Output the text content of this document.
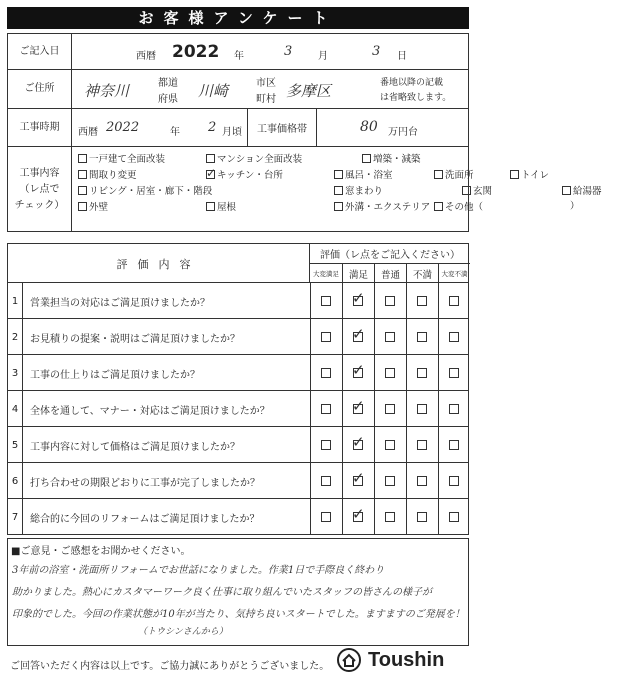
お客様アンケート
ご記入日	西暦 2022 年	3	月	3 日
ご住所	神奈川	都道
府県 川崎	市区
町村 多摩区	番地以降の記載
は省略致します。
工事時期	西暦 2022	年 2 月頃	工事価格帯	80 万円台
工事内容
（レ点で
チェック）
一戸建て全面改装	マンション全面改装	増築・減築
間取り変更
✓	キッチン・台所	風呂・浴室	洗面所	トイレ
リビング・居室・廊下・階段	窓まわり	玄関	給湯器
外壁	屋根	外溝・エクステリア その他（	）
評価内容
評価（レ点をご記入ください）
大変満足	満足	普通	不満	大変不満
1	営業担当の対応はご満足頂けましたか？
✓
2	お見積りの提案・説明はご満足頂けましたか？
✓
3	工事の仕上りはご満足頂けましたか？
✓
4	全体を通して、マナー・対応はご満足頂けましたか？
✓
5	工事内容に対して価格はご満足頂けましたか？
✓
6	打ち合わせの期限どおりに工事が完了しましたか？
✓
7	総合的に今回のリフォームはご満足頂けましたか？
✓
■ご意見・ご感想をお聞かせください。
3年前の浴室・洗面所リフォームでお世話になりました。作業1日で手際良く終わり
助かりました。熱心にカスタマーワーク良く仕事に取り組んでいたスタッフの皆さんの様子が
印象的でした。今回の作業状態が10年が当たり、気持ち良いスタートでした。ますますのご発展を！
（トウシンさんから）
ご回答いただく内容は以上です。ご協力誠にありがとうございました。 Toushin
